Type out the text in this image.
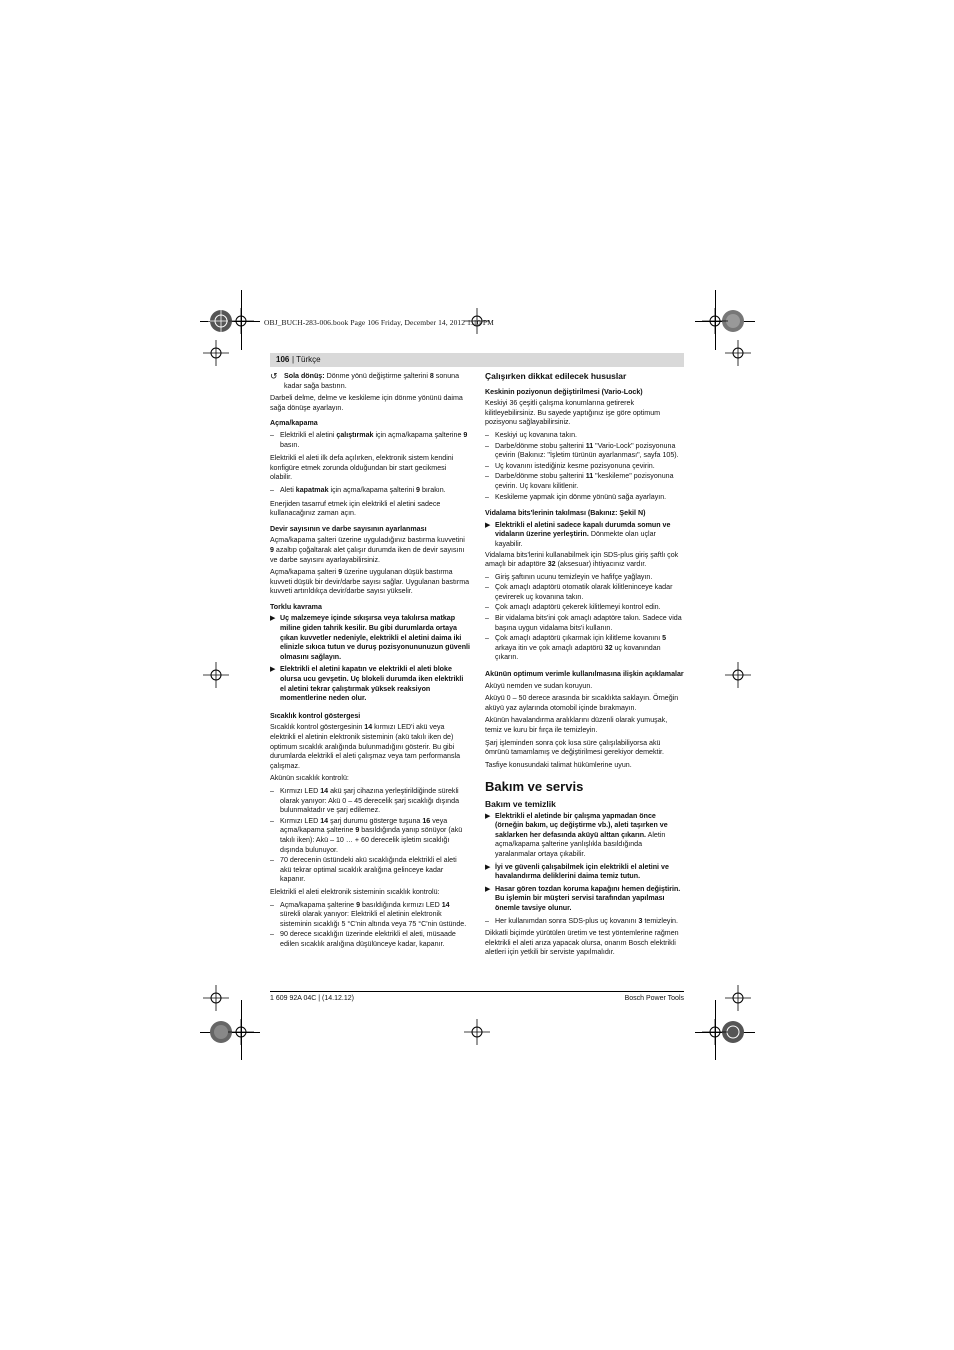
OBJ_BUCH-283-006.book Page 106 Friday, December 14, 2012 1:10 PM
106 | Türkçe

↺ Sola dönüş: Dönme yönü değiştirme şalterini 8 sonuna kadar sağa bastırın.

Darbeli delme, delme ve keskileme için dönme yönünü daima sağa dönüşe ayarlayın.

Açma/kapama
– Elektrikli el aletini çalıştırmak için açma/kapama şalterine 9 basın.

Elektrikli el aleti ilk defa açılırken, elektronik sistem kendini konfigüre etmek zorunda olduğundan bir start gecikmesi olabilir.

– Aleti kapatmak için açma/kapama şalterini 9 bırakın.

Enerjiden tasarruf etmek için elektrikli el aletini sadece kullanacağınız zaman açın.

Devir sayısının ve darbe sayısının ayarlanması

Açma/kapama şalteri üzerine uyguladığınız bastırma kuvvetini 9 azaltıp çoğaltarak alet çalışır durumda iken de devir sayısını ve darbe sayısını ayarlayabilirsiniz.

Açma/kapama şalteri 9 üzerine uygulanan düşük bastırma kuvveti düşük bir devir/darbe sayısı sağlar. Uygulanan bastırma kuvveti artırıldıkça devir/darbe sayısı yükselir.

Torklu kavrama
▶ Uç malzemeye içinde sıkışırsa veya takılırsa matkap miline giden tahrik kesilir. Bu gibi durumlarda ortaya çıkan kuvvetler nedeniyle, elektrikli el aletini daima iki elinizle sıkıca tutun ve duruş pozisyonununuzun güvenli olmasını sağlayın.
▶ Elektrikli el aletini kapatın ve elektrikli el aleti bloke olursa ucu gevşetin. Uç blokeli durumda iken elektrikli el aletini tekrar çalıştırmak yüksek reaksiyon momentlerine neden olur.
Sıcaklık kontrol göstergesi

Sıcaklık kontrol göstergesinin 14 kırmızı LED'i akü veya elektrikli el aletinin elektronik sisteminin (akü takılı iken de) optimum sıcaklık aralığında bulunmadığını gösterir. Bu gibi durumlarda elektrikli el aleti çalışmaz veya tam performansla çalışmaz.

Akünün sıcaklık kontrolü:

– Kırmızı LED 14 akü şarj cihazına yerleştirildiğinde sürekli olarak yanıyor: Akü 0 – 45 derecelik şarj sıcaklığı dışında bulunmaktadır ve şarj edilemez.
– Kırmızı LED 14 şarj durumu gösterge tuşuna 16 veya açma/kapama şalterine 9 basıldığında yanıp sönüyor (akü takılı iken): Akü – 10 … + 60 derecelik işletim sıcaklığı dışında bulunuyor.
– 70 derecenin üstündeki akü sıcaklığında elektrikli el aleti akü tekrar optimal sıcaklık aralığına gelinceye kadar kapanır.

Elektrikli el aleti elektronik sisteminin sıcaklık kontrolü:

– Açma/kapama şalterine 9 basıldığında kırmızı LED 14 sürekli olarak yanıyor: Elektrikli el aletinin elektronik sisteminin sıcaklığı 5 °C'nin altında veya 75 °C'nin üstünde.
– 90 derece sıcaklığın üzerinde elektrikli el aleti, müsaade edilen sıcaklık aralığına düşülünceye kadar, kapanır.
Çalışırken dikkat edilecek hususlar
Keskinin poziyonun değiştirilmesi (Vario-Lock)

Keskiyi 36 çeşitli çalışma konumlarına getirerek kilitleyebilirsiniz. Bu sayede yaptığınız işe göre optimum pozisyonu sağlayabilirsiniz.

– Keskiyi uç kovanına takın.
– Darbe/dönme stobu şalterini 11 "Vario-Lock" pozisyonuna çevirin (Bakınız: "İşletim türünün ayarlanması", sayfa 105).
– Uç kovanını istediğiniz kesme pozisyonuna çevirin.
– Darbe/dönme stobu şalterini 11 "keskileme" pozisyonuna çevirin. Uç kovanı kilitlenir.
– Keskileme yapmak için dönme yönünü sağa ayarlayın.
Vidalama bits'lerinin takılması (Bakınız: Şekil N)
▶ Elektrikli el aletini sadece kapalı durumda somun ve vidaların üzerine yerleştirin. Dönmekte olan uçlar kayabilir.

Vidalama bits'lerini kullanabilmek için SDS-plus giriş şaftlı çok amaçlı bir adaptöre 32 (aksesuar) ihtiyacınız vardır.

– Giriş şaftının ucunu temizleyin ve hafifçe yağlayın.
– Çok amaçlı adaptörü otomatik olarak kilitleninceye kadar çevirerek uç kovanına takın.
– Çok amaçlı adaptörü çekerek kilitlemeyi kontrol edin.
– Bir vidalama bits'ini çok amaçlı adaptöre takın. Sadece vida başına uygun vidalama bits'i kullanın.
– Çok amaçlı adaptörü çıkarmak için kilitleme kovanını 5 arkaya itin ve çok amaçlı adaptörü 32 uç kovanından çıkarın.
Akünün optimum verimle kullanılmasına ilişkin açıklamalar

Aküyü nemden ve sudan koruyun.

Aküyü 0 – 50 derece arasında bir sıcaklıkta saklayın. Örneğin aküyü yaz aylarında otomobil içinde bırakmayın.

Akünün havalandırma aralıklarını düzenli olarak yumuşak, temiz ve kuru bir fırça ile temizleyin.

Şarj işleminden sonra çok kısa süre çalışılabiliyorsa akü ömrünü tamamlamış ve değiştirilmesi gerekiyor demektir.

Tasfiye konusundaki talimat hükümlerine uyun.

Bakım ve servis
Bakım ve temizlik
▶ Elektrikli el aletinde bir çalışma yapmadan önce (örneğin bakım, uç değiştirme vb.), aleti taşırken ve saklarken her defasında aküyü alttan çıkarın. Aletin açma/kapama şalterine yanlışlıkla basıldığında yaralanmalar ortaya çıkabilir.
▶ İyi ve güvenli çalışabilmek için elektrikli el aletini ve havalandırma deliklerini daima temiz tutun.
▶ Hasar gören tozdan koruma kapağını hemen değiştirin. Bu işlemin bir müşteri servisi tarafından yapılması önemle tavsiye olunur.
– Her kullanımdan sonra SDS-plus uç kovanını 3 temizleyin.

Dikkatli biçimde yürütülen üretim ve test yöntemlerine rağmen elektrikli el aleti arıza yapacak olursa, onarım Bosch elektrikli aletleri için yetkili bir serviste yapılmalıdır.

1 609 92A 04C | (14.12.12)	Bosch Power Tools
